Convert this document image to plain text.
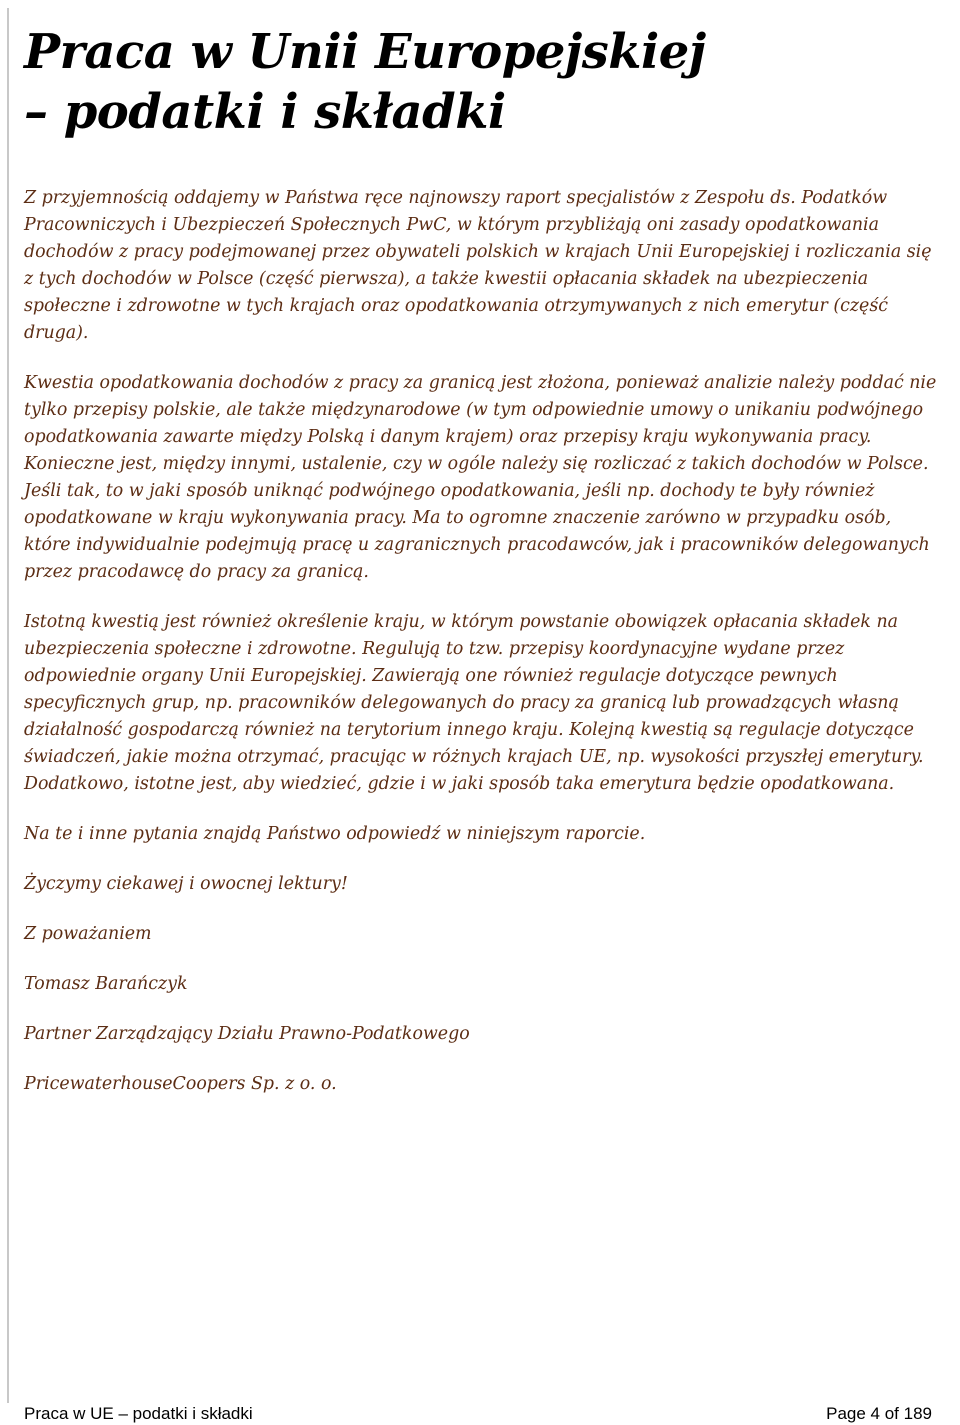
Praca w Unii Europejskiej
– podatki i składki

Z przyjemnością oddajemy w Państwa ręce najnowszy raport specjalistów z Zespołu ds. Podatków Pracowniczych i Ubezpieczeń Społecznych PwC, w którym przybliżają oni zasady opodatkowania dochodów z pracy podejmowanej przez obywateli polskich w krajach Unii Europejskiej i rozliczania się z tych dochodów w Polsce (część pierwsza), a także kwestii opłacania składek na ubezpieczenia społeczne i zdrowotne w tych krajach oraz opodatkowania otrzymywanych z nich emerytur (część druga).

Kwestia opodatkowania dochodów z pracy za granicą jest złożona, ponieważ analizie należy poddać nie tylko przepisy polskie, ale także międzynarodowe (w tym odpowiednie umowy o unikaniu podwójnego opodatkowania zawarte między Polską i danym krajem) oraz przepisy kraju wykonywania pracy. Konieczne jest, między innymi, ustalenie, czy w ogóle należy się rozliczać z takich dochodów w Polsce. Jeśli tak, to w jaki sposób uniknąć podwójnego opodatkowania, jeśli np. dochody te były również opodatkowane w kraju wykonywania pracy. Ma to ogromne znaczenie zarówno w przypadku osób, które indywidualnie podejmują pracę u zagranicznych pracodawców, jak i pracowników delegowanych przez pracodawcę do pracy za granicą.

Istotną kwestią jest również określenie kraju, w którym powstanie obowiązek opłacania składek na ubezpieczenia społeczne i zdrowotne. Regulują to tzw. przepisy koordynacyjne wydane przez odpowiednie organy Unii Europejskiej. Zawierają one również regulacje dotyczące pewnych specyficznych grup, np. pracowników delegowanych do pracy za granicą lub prowadzących własną działalność gospodarczą również na terytorium innego kraju. Kolejną kwestią są regulacje dotyczące świadczeń, jakie można otrzymać, pracując w różnych krajach UE, np. wysokości przyszłej emerytury. Dodatkowo, istotne jest, aby wiedzieć, gdzie i w jaki sposób taka emerytura będzie opodatkowana.

Na te i inne pytania znajdą Państwo odpowiedź w niniejszym raporcie.

Życzymy ciekawej i owocnej lektury!

Z poważaniem

Tomasz Barańczyk

Partner Zarządzający Działu Prawno-Podatkowego

PricewaterhouseCoopers Sp. z o. o.

Praca w UE – podatki i składki	Page 4 of 189
